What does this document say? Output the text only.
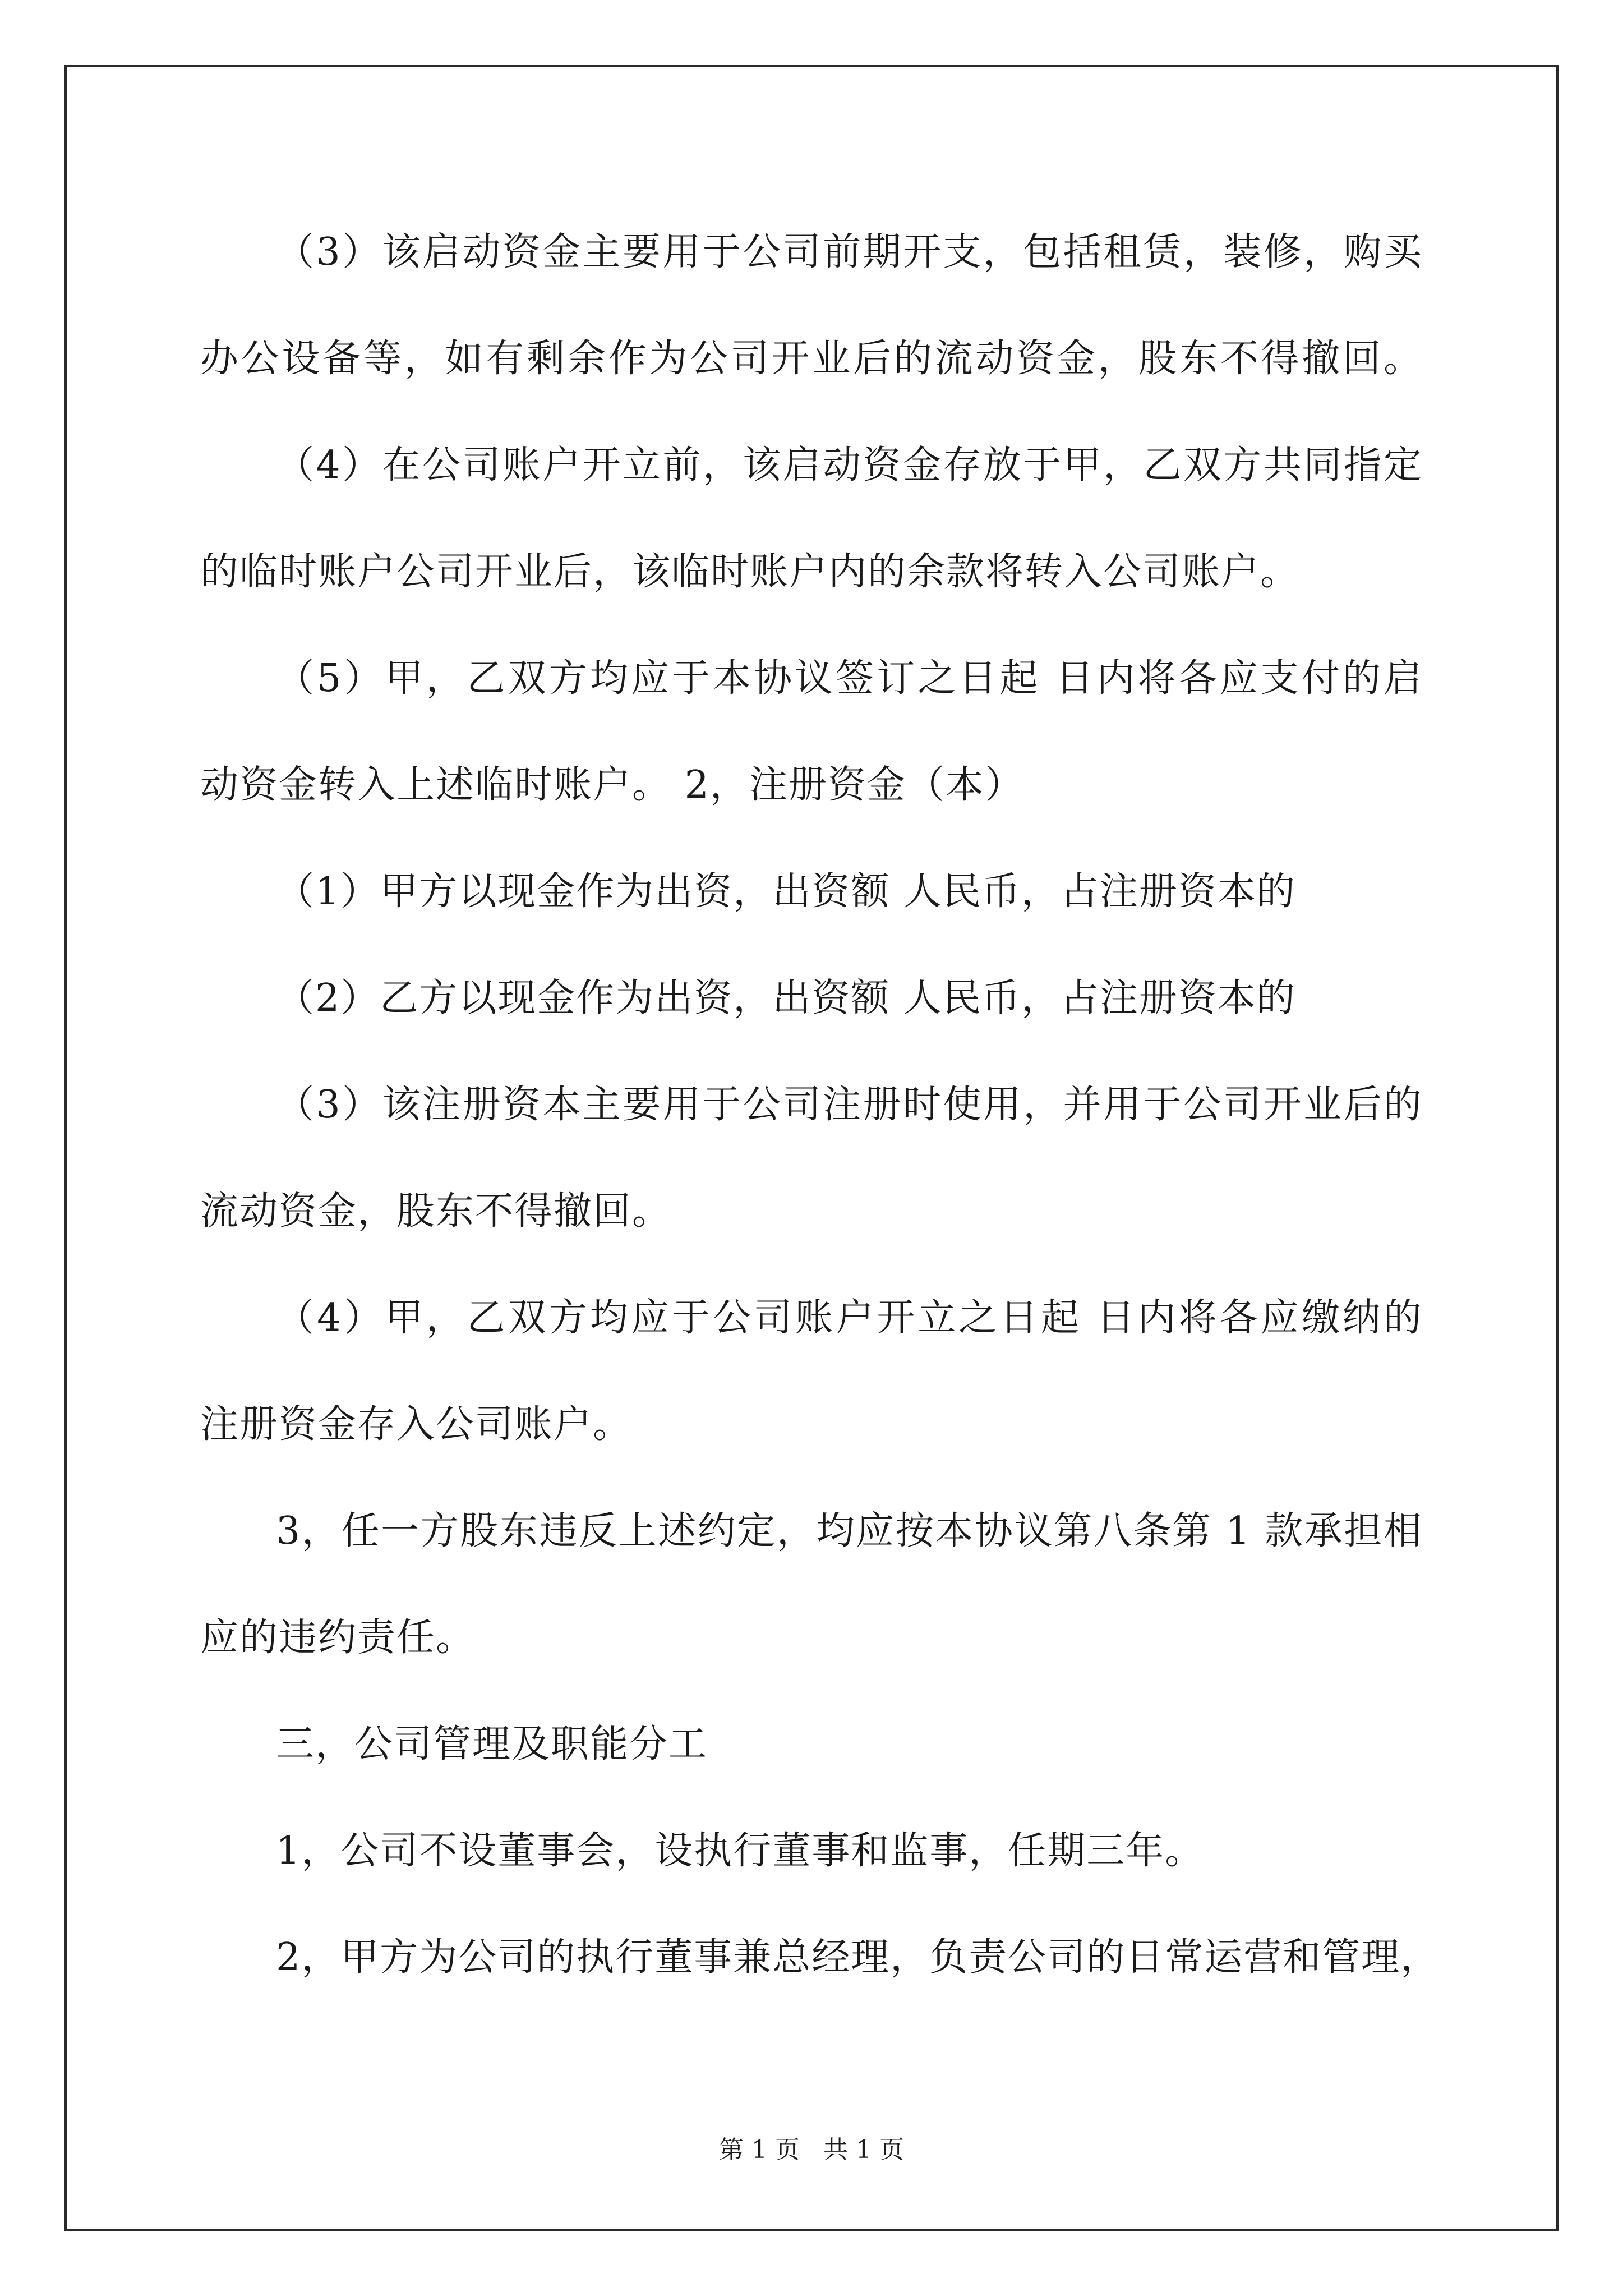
（3）该启动资金主要用于公司前期开支，包括租赁，装修，购买
办公设备等，如有剩余作为公司开业后的流动资金，股东不得撤回。
（4）在公司账户开立前，该启动资金存放于甲，乙双方共同指定
的临时账户公司开业后，该临时账户内的余款将转入公司账户。
（5）甲，乙双方均应于本协议签订之日起 日内将各应支付的启
动资金转入上述临时账户。 2，注册资金（本）
（1）甲方以现金作为出资，出资额 人民币，占注册资本的
（2）乙方以现金作为出资，出资额 人民币，占注册资本的
（3）该注册资本主要用于公司注册时使用，并用于公司开业后的
流动资金，股东不得撤回。
（4）甲，乙双方均应于公司账户开立之日起 日内将各应缴纳的
注册资金存入公司账户。
3，任一方股东违反上述约定，均应按本协议第八条第 1 款承担相
应的违约责任。
三，公司管理及职能分工
1，公司不设董事会，设执行董事和监事，任期三年。
2，甲方为公司的执行董事兼总经理，负责公司的日常运营和管理，
第 1 页 共 1 页
